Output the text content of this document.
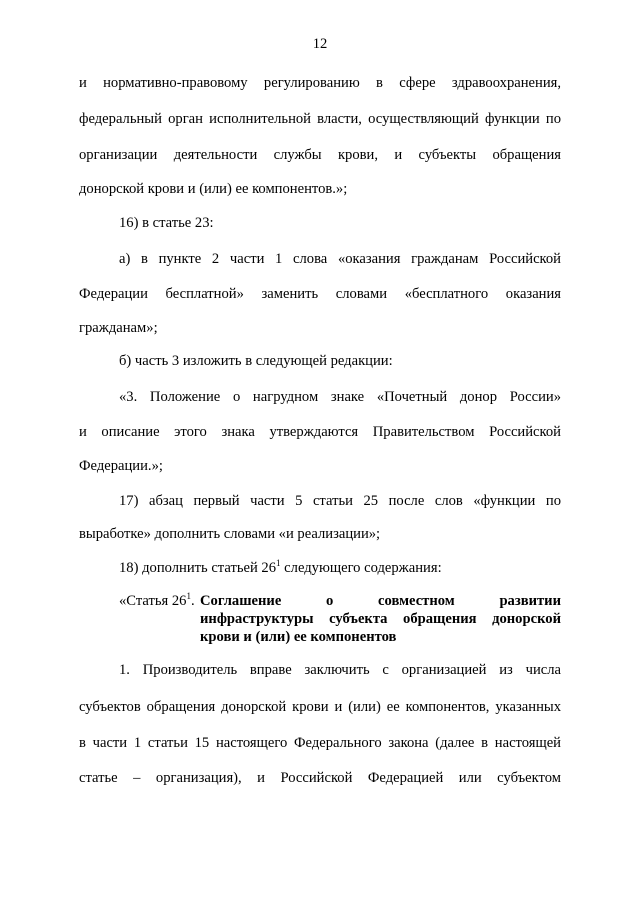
12
и нормативно-правовому регулированию в сфере здравоохранения,
федеральный орган исполнительной власти, осуществляющий функции по
организации деятельности службы крови, и субъекты обращения
донорской крови и (или) ее компонентов.»;
16) в статье 23:
а) в пункте 2 части 1 слова «оказания гражданам Российской
Федерации бесплатной» заменить словами «бесплатного оказания
гражданам»;
б) часть 3 изложить в следующей редакции:
«3. Положение о нагрудном знаке «Почетный донор России»
и описание этого знака утверждаются Правительством Российской
Федерации.»;
17) абзац первый части 5 статьи 25 после слов «функции по
выработке» дополнить словами «и реализации»;
18) дополнить статьей $26^1$ следующего содержания:
«Статья $26^1$. Соглашение о совместном развитии
инфраструктуры субъекта обращения донорской
крови и (или) ее компонентов
1. Производитель вправе заключить с организацией из числа
субъектов обращения донорской крови и (или) ее компонентов, указанных
в части 1 статьи 15 настоящего Федерального закона (далее в настоящей
статье – организация), и Российской Федерацией или субъектом
